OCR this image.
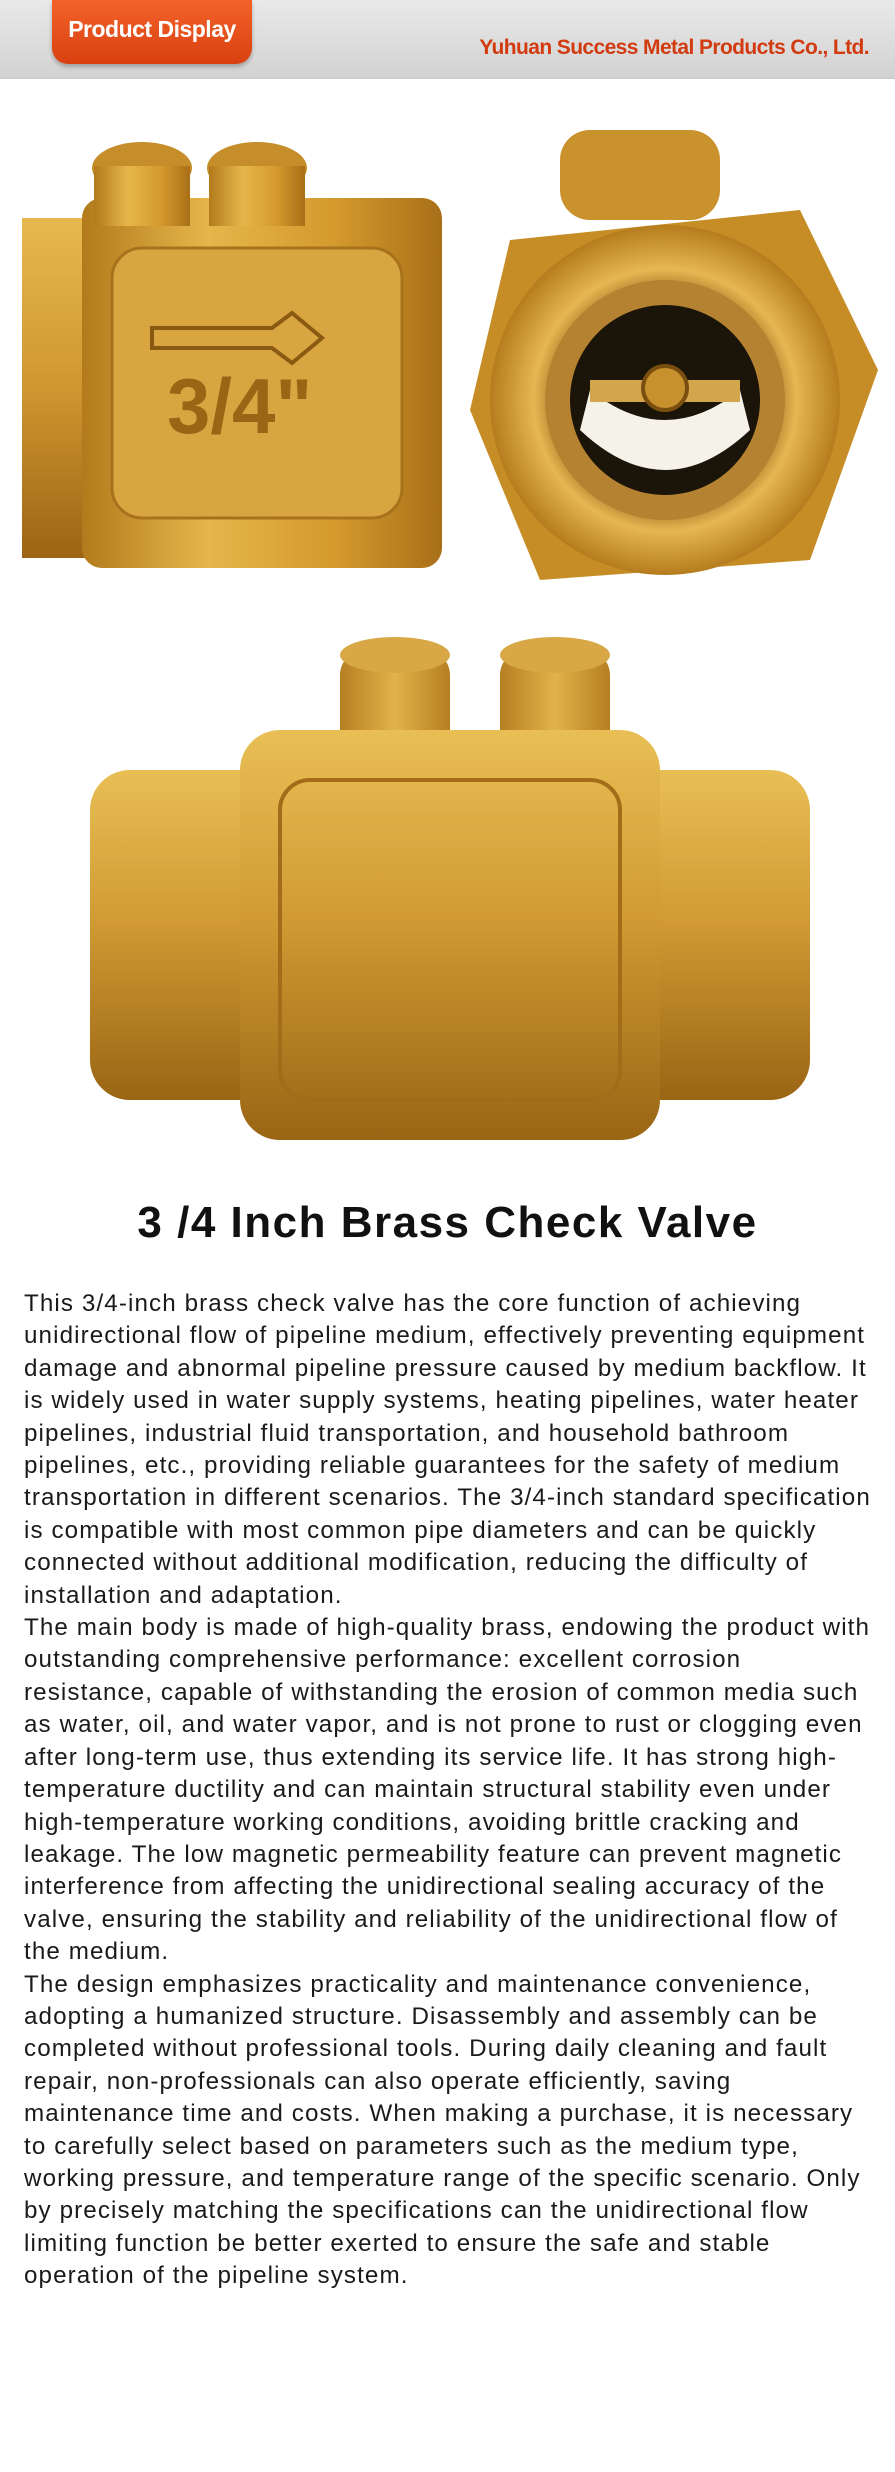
Product Display
Yuhuan Success Metal Products Co., Ltd.
3/4"
3 /4 Inch Brass Check Valve

This 3/4-inch brass check valve has the core function of achieving unidirectional flow of pipeline medium, effectively preventing equipment damage and abnormal pipeline pressure caused by medium backflow. It is widely used in water supply systems, heating pipelines, water heater pipelines, industrial fluid transportation, and household bathroom pipelines, etc., providing reliable guarantees for the safety of medium transportation in different scenarios. The 3/4-inch standard specification is compatible with most common pipe diameters and can be quickly connected without additional modification, reducing the difficulty of installation and adaptation.

The main body is made of high-quality brass, endowing the product with outstanding comprehensive performance: excellent corrosion resistance, capable of withstanding the erosion of common media such as water, oil, and water vapor, and is not prone to rust or clogging even after long-term use, thus extending its service life. It has strong high-temperature ductility and can maintain structural stability even under high-temperature working conditions, avoiding brittle cracking and leakage. The low magnetic permeability feature can prevent magnetic interference from affecting the unidirectional sealing accuracy of the valve, ensuring the stability and reliability of the unidirectional flow of the medium.

The design emphasizes practicality and maintenance convenience, adopting a humanized structure. Disassembly and assembly can be completed without professional tools. During daily cleaning and fault repair, non-professionals can also operate efficiently, saving maintenance time and costs. When making a purchase, it is necessary to carefully select based on parameters such as the medium type, working pressure, and temperature range of the specific scenario. Only by precisely matching the specifications can the unidirectional flow limiting function be better exerted to ensure the safe and stable operation of the pipeline system.
